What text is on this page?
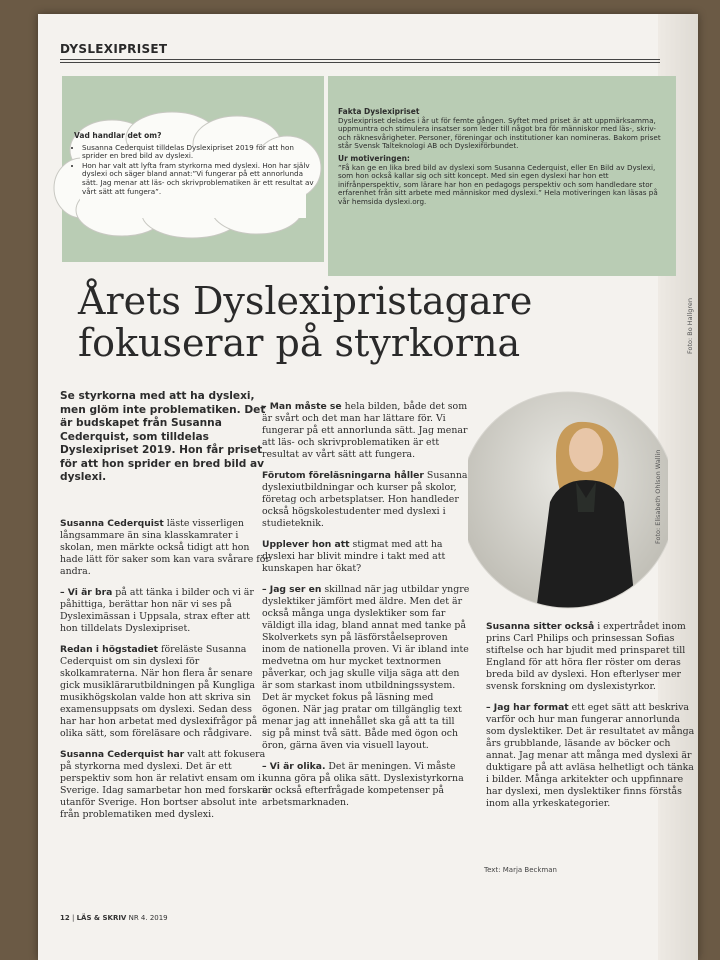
DYSLEXIPRISET
Vad handlar det om?
• Susanna Cederquist tilldelas Dyslexipriset 2019 för att hon sprider en bred bild av dyslexi.
• Hon har valt att lyfta fram styrkorna med dyslexi. Hon har själv dyslexi och säger bland annat:”Vi fungerar på ett annorlunda sätt. Jag menar att läs- och skrivproblematiken är ett resultat av vårt sätt att fungera”.
Fakta Dyslexipriset

Dyslexipriset delades i år ut för femte gången. Syftet med priset är att uppmärksamma, uppmuntra och stimulera insatser som leder till något bra för människor med läs-, skriv- och räknesvårigheter. Personer, föreningar och institutioner kan nomineras. Bakom priset står Svensk Talteknologi AB och Dyslexiförbundet.

Ur motiveringen:

”Få kan ge en lika bred bild av dyslexi som Susanna Cederquist, eller En Bild av Dyslexi, som hon också kallar sig och sitt koncept. Med sin egen dyslexi har hon ett inifrånperspektiv, som lärare har hon en pedagogs perspektiv och som handledare stor erfarenhet från sitt arbete med människor med dyslexi.” Hela motiveringen kan läsas på vår hemsida dyslexi.org.

Årets Dyslexipristagare
fokuserar på styrkorna
Se styrkorna med att ha dyslexi, men glöm inte problematiken. Det är budskapet från Susanna Cederquist, som tilldelas Dyslexipriset 2019. Hon får priset för att hon sprider en bred bild av dyslexi.

Susanna Cederquist läste visserligen långsammare än sina klasskamrater i skolan, men märkte också tidigt att hon hade lätt för saker som kan vara svårare för andra.

– Vi är bra på att tänka i bilder och vi är påhittiga, berättar hon när vi ses på Dysleximässan i Uppsala, strax efter att hon tilldelats Dyslexipriset.

Redan i högstadiet föreläste Susanna Cederquist om sin dyslexi för skolkamraterna. När hon flera år senare gick musiklärarutbildningen på Kungliga musikhögskolan valde hon att skriva sin examensuppsats om dyslexi. Sedan dess har har hon arbetat med dyslexifrågor på olika sätt, som föreläsare och rådgivare.

Susanna Cederquist har valt att fokusera på styrkorna med dyslexi. Det är ett perspektiv som hon är relativt ensam om i Sverige. Idag samarbetar hon med forskare utanför Sverige. Hon bortser absolut inte från problematiken med dyslexi.

– Man måste se hela bilden, både det som är svårt och det man har lättare för. Vi fungerar på ett annorlunda sätt. Jag menar att läs- och skrivproblematiken är ett resultat av vårt sätt att fungera.

Förutom föreläsningarna håller Susanna dyslexiutbildningar och kurser på skolor, företag och arbetsplatser. Hon handleder också högskolestudenter med dyslexi i studieteknik.

Upplever hon att stigmat med att ha dyslexi har blivit mindre i takt med att kunskapen har ökat?

– Jag ser en skillnad när jag utbildar yngre dyslektiker jämfört med äldre. Men det är också många unga dyslektiker som far väldigt illa idag, bland annat med tanke på Skolverkets syn på läsförståelseproven inom de nationella proven. Vi är ibland inte medvetna om hur mycket textnormen påverkar, och jag skulle vilja säga att den är som starkast inom utbildningssystem. Det är mycket fokus på läsning med ögonen. När jag pratar om tillgänglig text menar jag att innehållet ska gå att ta till sig på minst två sätt. Både med ögon och öron, gärna även via visuell layout.

– Vi är olika. Det är meningen. Vi måste kunna göra på olika sätt. Dyslexistyrkorna är också efterfrågade kompetenser på arbetsmarknaden.

Foto: Elisabeth Ohlson Wallin
Foto: Bo Hallgren

Susanna sitter också i expertrådet inom prins Carl Philips och prinsessan Sofias stiftelse och har bjudit med prinsparet till England för att höra fler röster om deras breda bild av dyslexi. Hon efterlyser mer svensk forskning om dyslexistyrkor.

– Jag har format ett eget sätt att beskriva varför och hur man fungerar annorlunda som dyslektiker. Det är resultatet av många års grubblande, läsande av böcker och annat. Jag menar att många med dyslexi är duktigare på att avläsa helhetligt och tänka i bilder. Många arkitekter och uppfinnare har dyslexi, men dyslektiker finns förstås inom alla yrkeskategorier.

Text: Marja Beckman
12 | LÄS & SKRIV NR 4. 2019
